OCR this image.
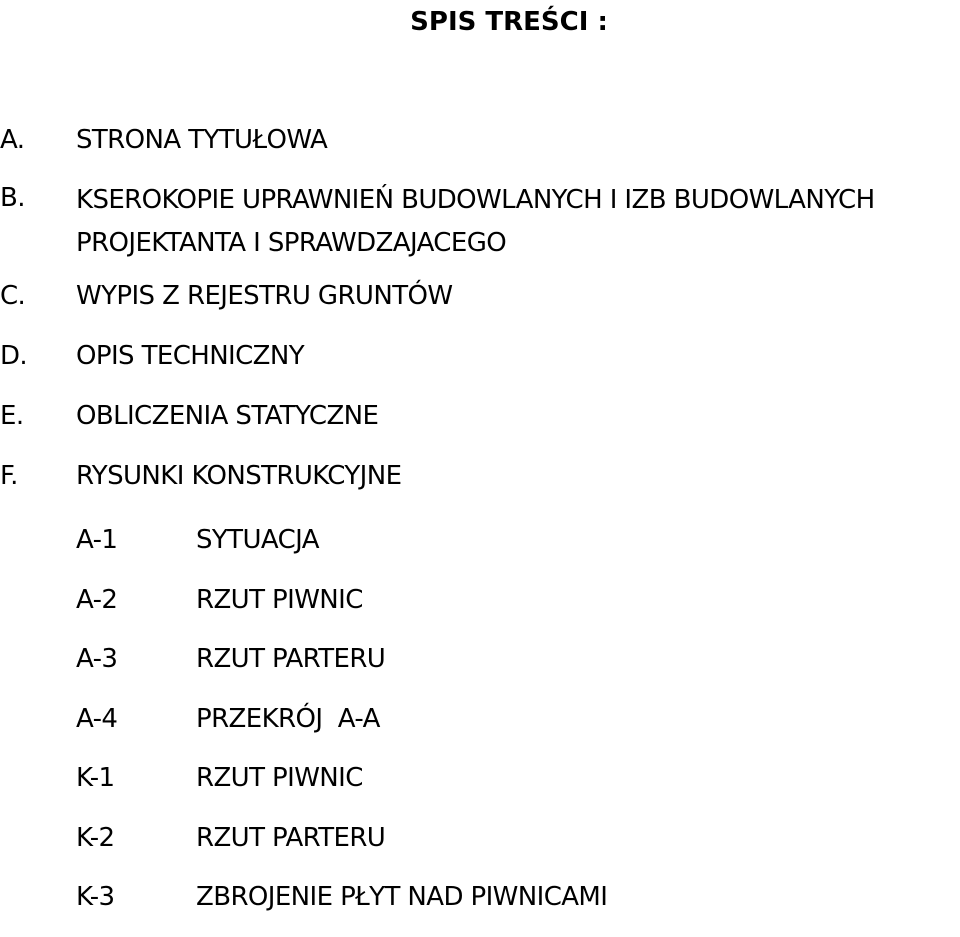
SPIS TREŚCI :
A. STRONA TYTUŁOWA
B. KSEROKOPIE UPRAWNIEŃ BUDOWLANYCH I IZB BUDOWLANYCH
PROJEKTANTA I SPRAWDZAJACEGO
C. WYPIS Z REJESTRU GRUNTÓW
D. OPIS TECHNICZNY
E. OBLICZENIA STATYCZNE
F. RYSUNKI KONSTRUKCYJNE
A-1	SYTUACJA
A-2	RZUT PIWNIC
A-3	RZUT PARTERU
A-4	PRZEKRÓJ  A-A
K-1	RZUT PIWNIC
K-2	RZUT PARTERU
K-3	ZBROJENIE PŁYT NAD PIWNICAMI
